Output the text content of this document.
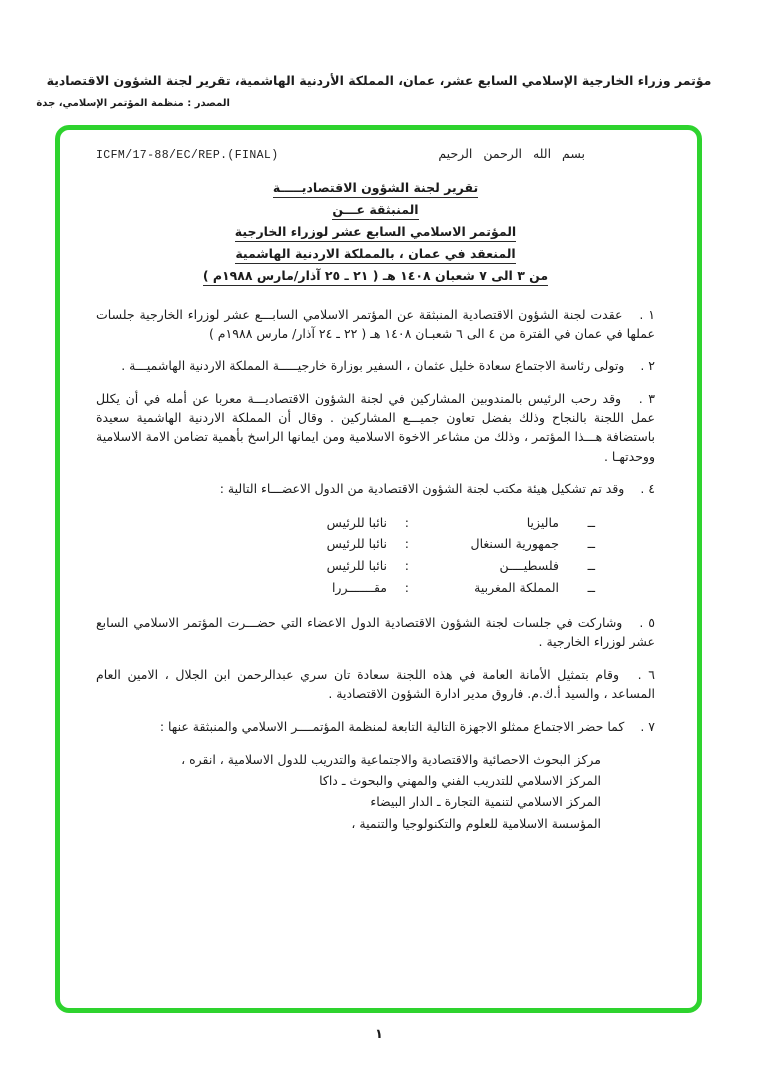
مؤتمر وزراء الخارجية الإسلامي السابع عشر، عمان، المملكة الأردنية الهاشمية، تقرير لجنة الشؤون الاقتصادية
المصدر : منظمة المؤتمر الإسلامي، جدة
ICFM/17-88/EC/REP.(FINAL)	بسم الله الرحمن الرحيم
تقرير لجنة الشؤون الاقتصاديـــــة
المنبثقة عـــن
المؤتمر الاسلامي السابع عشر لوزراء الخارجية
المنعقد في عمان ، بالمملكة الاردنية الهاشمية
من ٣ الى ٧ شعبان ١٤٠٨ هـ ( ٢١ ـ ٢٥ آذار/مارس ١٩٨٨م )

١ . عقدت لجنة الشؤون الاقتصادية المنبثقة عن المؤتمر الاسلامي السابـــع عشر لوزراء الخارجية جلسات عملها في عمان في الفترة من ٤ الى ٦ شعبـان ١٤٠٨ هـ ( ٢٢ ـ ٢٤ آذار/ مارس ١٩٨٨م )

٢ . وتولى رئاسة الاجتماع سعادة خليل عثمان ، السفير بوزارة خارجيـــــة المملكة الاردنية الهاشميـــة .

٣ . وقد رحب الرئيس بالمندوبين المشاركين في لجنة الشؤون الاقتصاديـــة معربا عن أمله في أن يكلل عمل اللجنة بالنجاح وذلك بفضل تعاون جميـــع المشاركين . وقال أن المملكة الاردنية الهاشمية سعيدة باستضافة هـــذا المؤتمر ، وذلك من مشاعر الاخوة الاسلامية ومن ايمانها الراسخ بأهمية تضامن الامة الاسلامية ووحدتهـا .

٤ . وقد تم تشكيل هيئة مكتب لجنة الشؤون الاقتصادية من الدول الاعضـــاء التالية :

ــ
ماليزيا
:
نائبا للرئيس
ــ
جمهورية السنغال
:
نائبا للرئيس
ــ
فلسطيــــن
:
نائبا للرئيس
ــ
المملكة المغربية
:
مقـــــــررا

٥ . وشاركت في جلسات لجنة الشؤون الاقتصادية الدول الاعضاء التي حضـــرت المؤتمر الاسلامي السابع عشر لوزراء الخارجية .

٦ . وقام بتمثيل الأمانة العامة في هذه اللجنة سعادة تان سري عبدالرحمن ابن الجلال ، الامين العام المساعد ، والسيد أ.ك.م. فاروق مدير ادارة الشؤون الاقتصادية .

٧ . كما حضر الاجتماع ممثلو الاجهزة التالية التابعة لمنظمة المؤتمــــر الاسلامي والمنبثقة عنها :

مركز البحوث الاحصائية والاقتصادية والاجتماعية والتدريب للدول الاسلامية ، انقره ،
المركز الاسلامي للتدريب الفني والمهني والبحوث ـ داكا
المركز الاسلامي لتنمية التجارة ـ الدار البيضاء
المؤسسة الاسلامية للعلوم والتكنولوجيا والتنمية ،
١
